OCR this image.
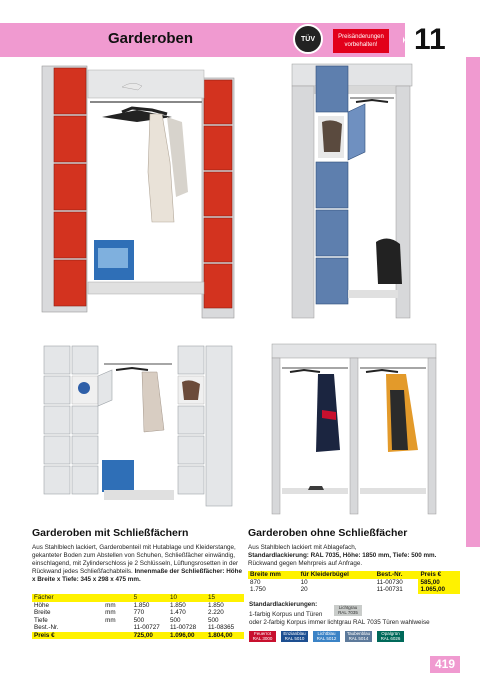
Garderoben	TÜV	Preisänderungen
vorbehalten!	11
Garderoben mit Schließfächern
Aus Stahlblech lackiert, Garderobenteil mit Hutablage und Kleiderstange, gekanteter Boden zum Abstellen von Schuhen, Schließfächer einwändig, einschlagend, mit Zylinderschloss je 2 Schlüsseln, Lüftungsrosetten in der Rückwand jedes Schließfachabteils. Innenmaße der Schließfächer: Höhe x Breite x Tiefe: 345 x 298 x 475 mm.
Fächer		5	10	15
Höhe	mm	1.850	1.850	1.850
Breite	mm	770	1.470	2.220
Tiefe	mm	500	500	500
Best.-Nr.		11-00727	11-00728	11-08365
Preis €		725,00	1.096,00	1.804,00
Garderoben ohne Schließfächer
Aus Stahlblech lackiert mit Ablagefach,
Standardlackierung: RAL 7035, Höhe: 1850 mm, Tiefe: 500 mm.
Rückwand gegen Mehrpreis auf Anfrage.
Breite mm	für Kleiderbügel	Best.-Nr.	Preis €
870	10	11-00730	585,00
1.750	20	11-00731	1.065,00
Standardlackierungen:
1-farbig Korpus und Türen
Lichtgrau RAL 7035
oder 2-farbig Korpus immer lichtgrau RAL 7035 Türen wahlweise
Feuerrot
RAL 3000
Enzianblau
RAL 5010
Lichtblau
RAL 5012
Taubenblau
RAL 5014
Opalgrün
RAL 6026
419
